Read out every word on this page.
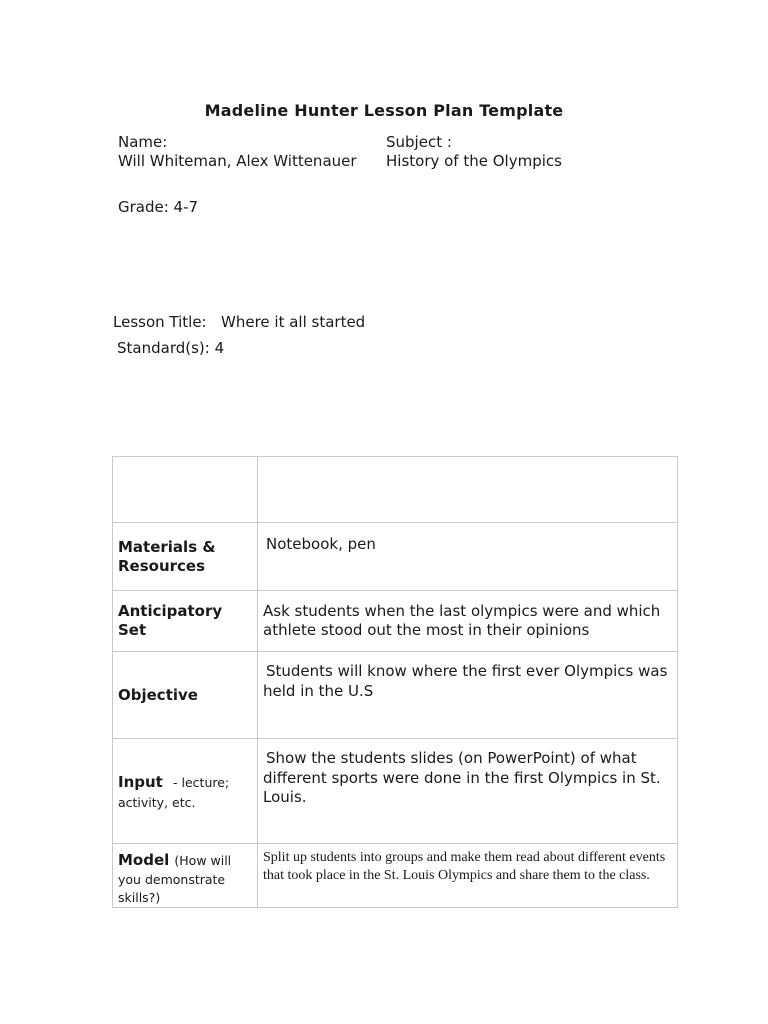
Madeline Hunter Lesson Plan Template
Name:
Will Whiteman, Alex Wittenauer
Subject :
History of the Olympics
Grade: 4-7
Lesson Title: Where it all started
Standard(s): 4

Materials & Resources	Notebook, pen

Anticipatory Set	Ask students when the last olympics were and which athlete stood out the most in their opinions

Objective	Students will know where the first ever Olympics was held in the U.S

Input - lecture; activity, etc.	Show the students slides (on PowerPoint) of what different sports were done in the first Olympics in St. Louis.

Model (How will you demonstrate skills?)	Split up students into groups and make them read about different events that took place in the St. Louis Olympics and share them to the class.
